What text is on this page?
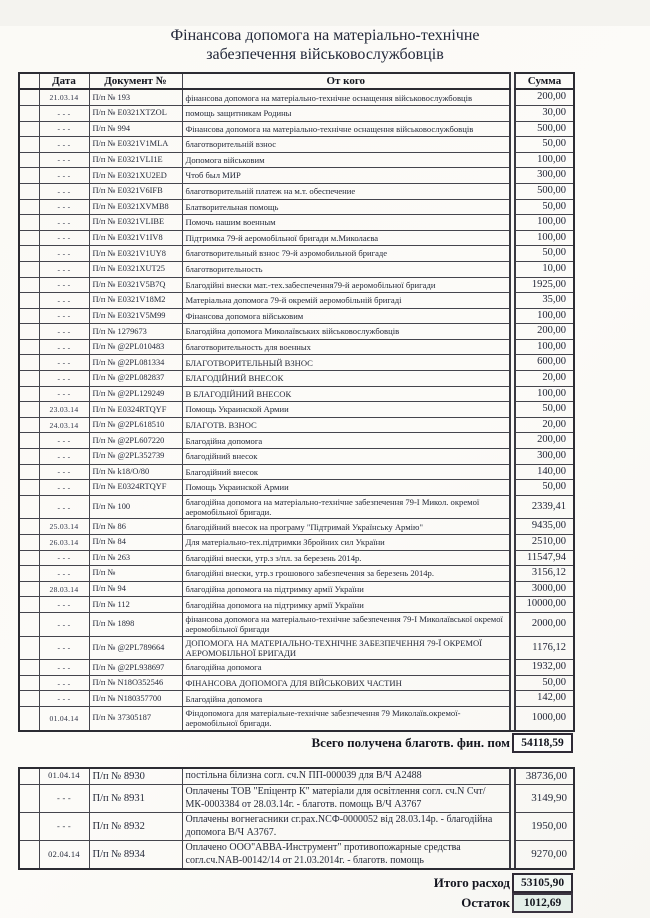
Фінансова допомога на матеріально-технічне
забезпечення військовослужбовців
	Дата	Документ №	От кого		Сумма
	21.03.14	П/п № 193	фінансова допомога на матеріально-технічне оснащення військовослужбовців		200,00
	- - -	П/п № E0321XTZOL	помощь защитникам Родины		30,00
	- - -	П/п № 994	Фінансова допомога на матеріально-технічне оснащення військовослужбовців		500,00
	- - -	П/п № E0321V1MLA	благотворительній взнос		50,00
	- - -	П/п № E0321VLI1E	Допомога військовим		100,00
	- - -	П/п № E0321XU2ED	Чтоб был МИР		300,00
	- - -	П/п № E0321V6IFB	благотворительній платеж на м.т. обеспечение		500,00
	- - -	П/п № E0321XVMB8	Блатворительная помощь		50,00
	- - -	П/п № E0321VLIBE	Помочь нашим военным		100,00
	- - -	П/п № E0321V1IV8	Підтримка 79-й аеромобільної бригади м.Миколаєва		100,00
	- - -	П/п № E0321V1UY8	благотворительный взнос 79-й аэромобильной бригаде		50,00
	- - -	П/п № E0321XUT25	благотворительность		10,00
	- - -	П/п № E0321V5B7Q	Благодійні внески мат.-тех.забеспечення79-й аеромобільної бригади		1925,00
	- - -	П/п № E0321V18M2	Матеріальна допомога 79-й окремій аеромобільній бригаді		35,00
	- - -	П/п № E0321V5M99	Фінансова допомога військовим		100,00
	- - -	П/п № 1279673	Благодійна допомога Миколаївських військовослужбовців		200,00
	- - -	П/п № @2PL010483	благотворительность для военных		100,00
	- - -	П/п № @2PL081334	БЛАГОТВОРИТЕЛЬНЫЙ ВЗНОС		600,00
	- - -	П/п № @2PL082837	БЛАГОДІЙНИЙ ВНЕСОК		20,00
	- - -	П/п № @2PL129249	В БЛАГОДІЙНИЙ ВНЕСОК		100,00
	23.03.14	П/п № E0324RTQYF	Помощь Украинской Армии		50,00
	24.03.14	П/п № @2PL618510	БЛАГОТВ. ВЗНОС		20,00
	- - -	П/п № @2PL607220	Благодійна допомога		200,00
	- - -	П/п № @2PL352739	благодійний внесок		300,00
	- - -	П/п № k18/O/80	Благодійний внесок		140,00
	- - -	П/п № E0324RTQYF	Помощь Украинской Армии		50,00
	- - -	П/п № 100	благодійна допомога на матеріально-технічне забезпечення 79-І Микол. окремої аеромобільної бригади.		2339,41
	25.03.14	П/п № 86	благодійний внесок на програму "Підтримай Українську Армію"		9435,00
	26.03.14	П/п № 84	Для матеріально-тех.підтримки Збройних сил України		2510,00
	- - -	П/п № 263	благодійні внески, утр.з з/пл. за березень 2014р.		11547,94
	- - -	П/п №	благодійні внески, утр.з грошового забезпечення за березень 2014р.		3156,12
	28.03.14	П/п № 94	благодійна допомога на підтримку армії України		3000,00
	- - -	П/п № 112	благодійна допомога на підтримку армії України		10000,00
	- - -	П/п № 1898	фінансова допомога на матеріально-технічне забезпечення 79-І Миколаївської окремої аеромобільної бригади		2000,00
	- - -	П/п № @2PL789664	ДОПОМОГА НА МАТЕРІАЛЬНО-ТЕХНІЧНЕ ЗАБЕЗПЕЧЕННЯ 79-Ї ОКРЕМОЇ АЕРОМОБІЛЬНОЇ БРИГАДИ		1176,12
	- - -	П/п № @2PL938697	благодійна допомога		1932,00
	- - -	П/п № N18O352546	ФІНАНСОВА ДОПОМОГА ДЛЯ ВІЙСЬКОВИХ ЧАСТИН		50,00
	- - -	П/п № N180357700	Благодійна допомога		142,00
	01.04.14	П/п № 37305187	Фіндопомога для матеріальне-технічне забезпечення 79 Миколаїв.окремої-аеромобільної бригади.		1000,00
Всего получена благотв. фин. пом 54118,59
	01.04.14	П/п № 8930	постільна білизна согл. сч.N ПП-000039 для В/Ч А2488		38736,00
	- - -	П/п № 8931	Оплачены ТОВ "Епіцентр К" матеріали для освітлення согл. сч.N Счт/МК-0003384 от 28.03.14г. - благотв. помощь В/Ч А3767		3149,90
	- - -	П/п № 8932	Оплачены вогнегасники сг.рах.NСФ-0000052 від 28.03.14р. - благодійна допомога В/Ч А3767.		1950,00
	02.04.14	П/п № 8934	Оплачено ООО"АВВА-Инструмент" противопожарные средства согл.сч.NAB-00142/14 от 21.03.2014г. - благотв. помощь		9270,00
Итого расход 53105,90
Остаток	1012,69
